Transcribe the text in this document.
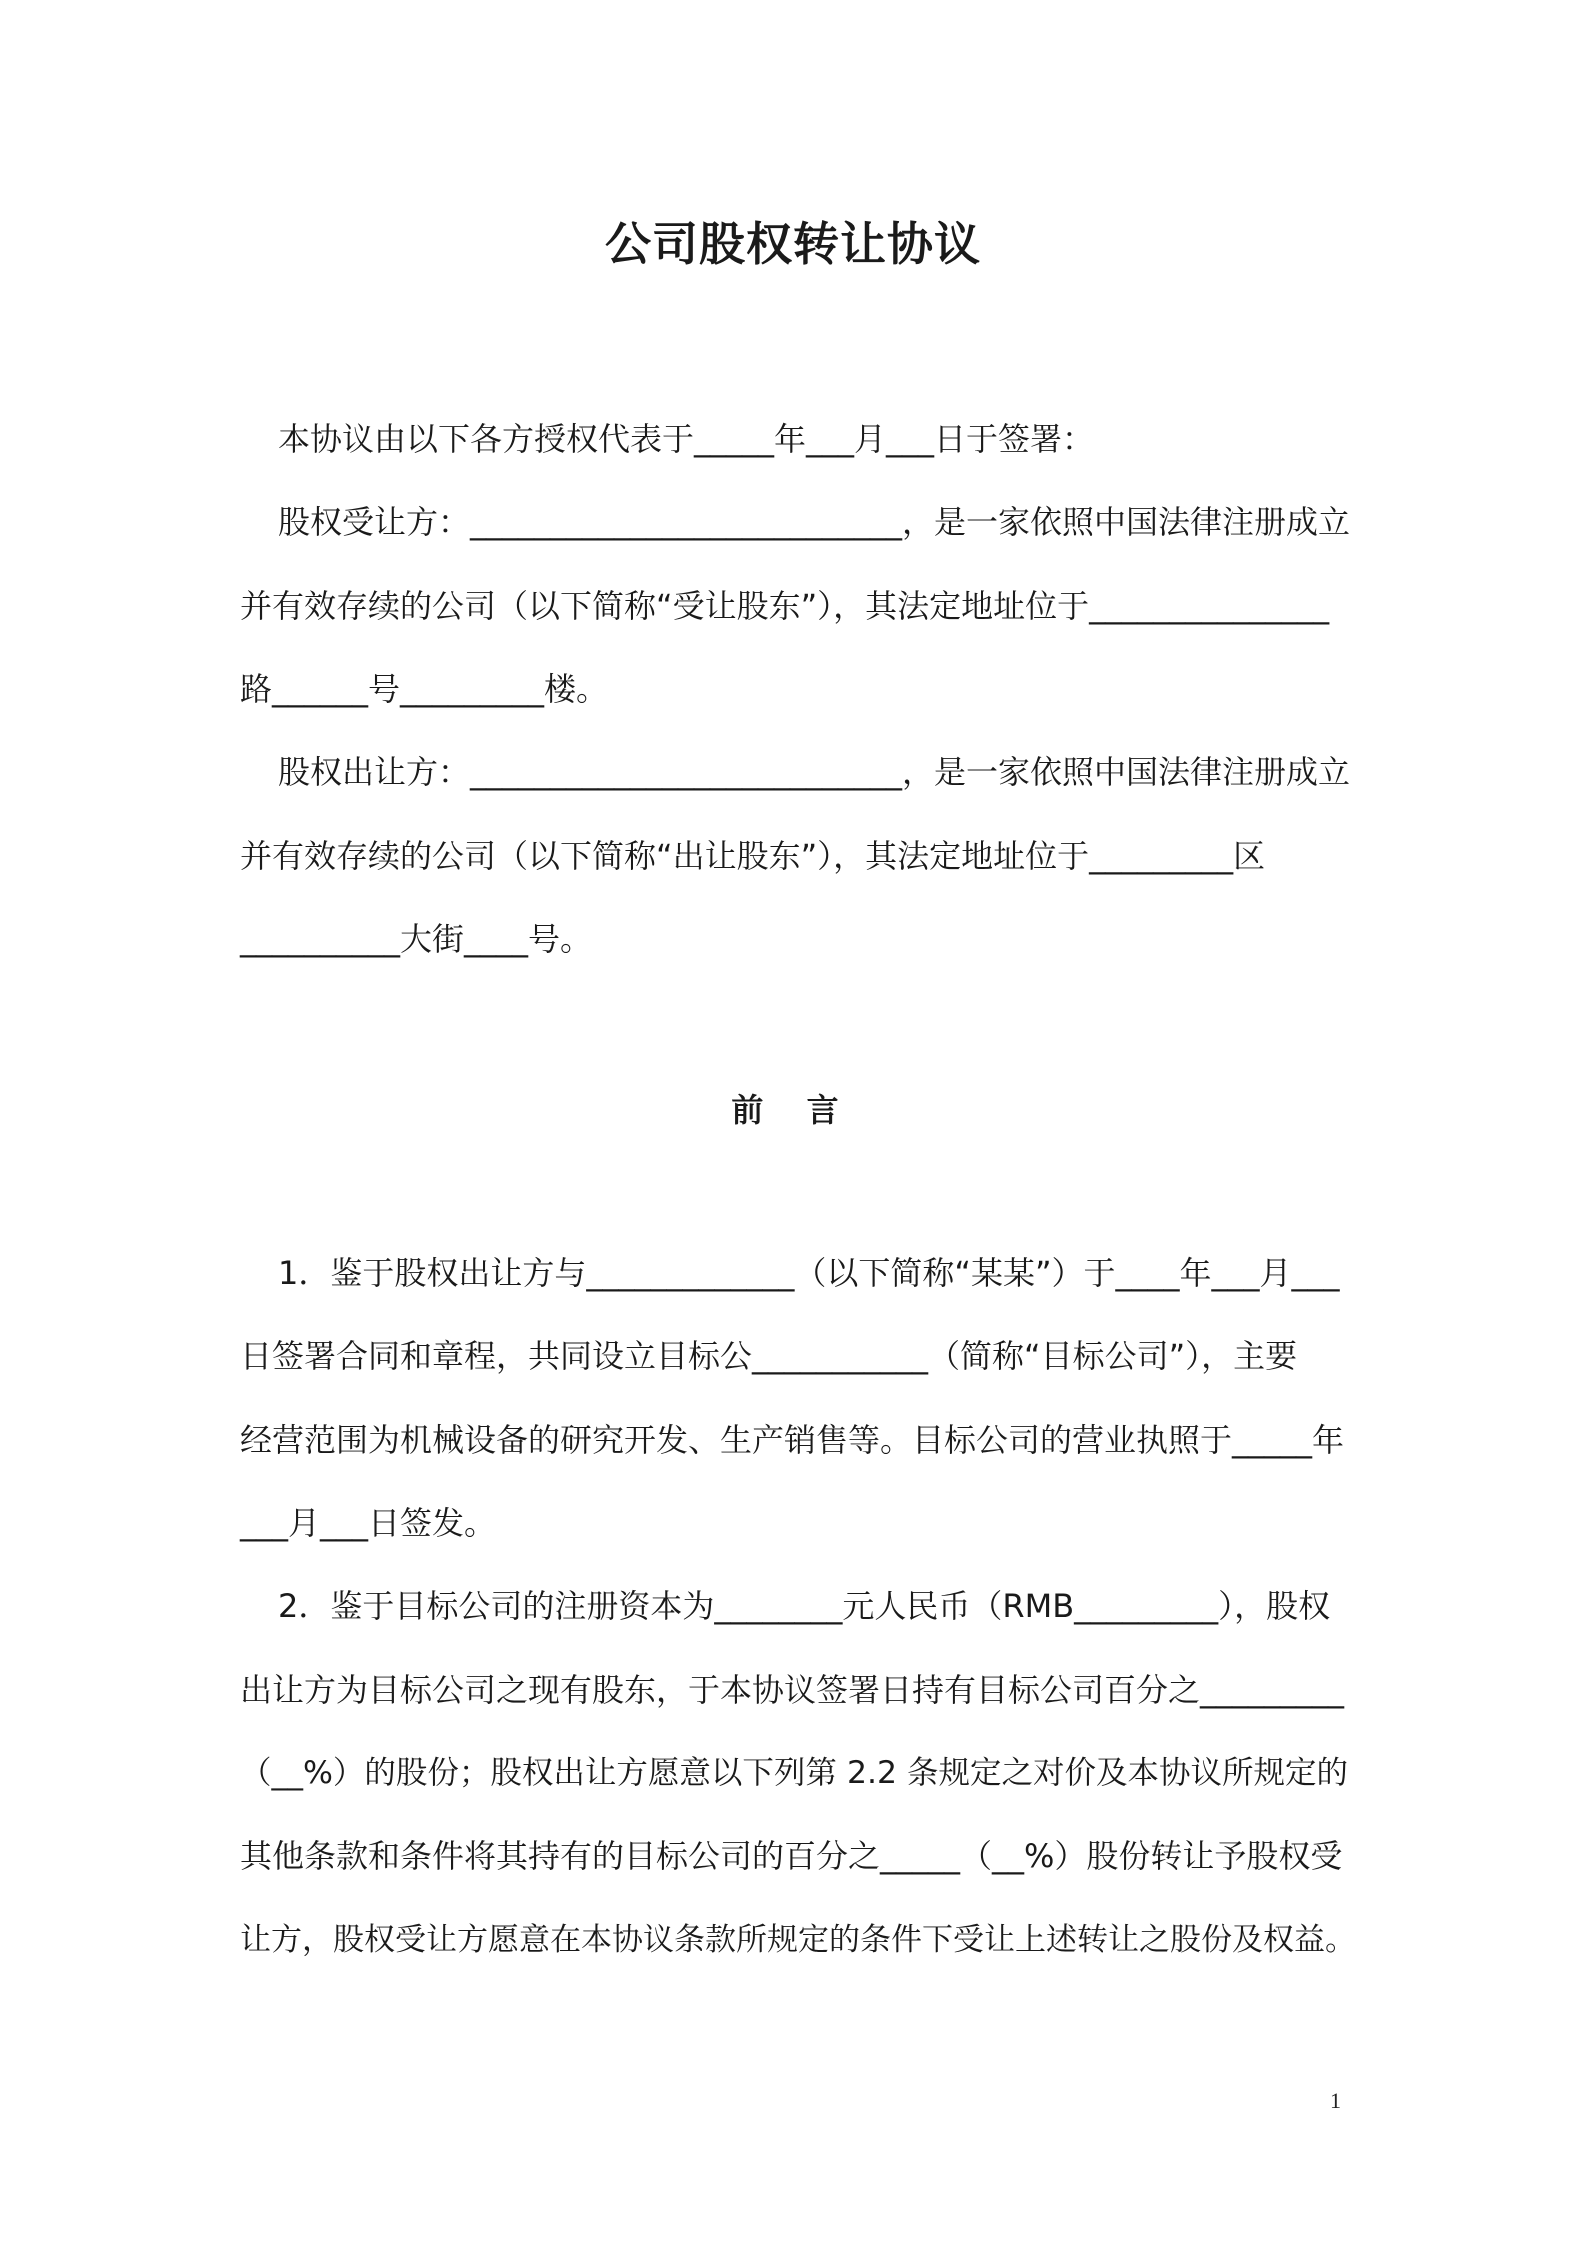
公司股权转让协议
本协议由以下各方授权代表于_____年___月___日于签署：
股权受让方：___________________________，是一家依照中国法律注册成立
并有效存续的公司（以下简称“受让股东”），其法定地址位于_______________
路______号_________楼。
股权出让方：___________________________，是一家依照中国法律注册成立
并有效存续的公司（以下简称“出让股东”），其法定地址位于_________区
__________大街____号。
前 言
1．鉴于股权出让方与_____________（以下简称“某某”）于____年___月___
日签署合同和章程，共同设立目标公___________（简称“目标公司”），主要
经营范围为机械设备的研究开发、生产销售等。目标公司的营业执照于_____年
___月___日签发。
2．鉴于目标公司的注册资本为________元人民币（RMB_________），股权
出让方为目标公司之现有股东，于本协议签署日持有目标公司百分之_________
（__%）的股份；股权出让方愿意以下列第 2.2 条规定之对价及本协议所规定的
其他条款和条件将其持有的目标公司的百分之_____（__%）股份转让予股权受
让方，股权受让方愿意在本协议条款所规定的条件下受让上述转让之股份及权益。
1
